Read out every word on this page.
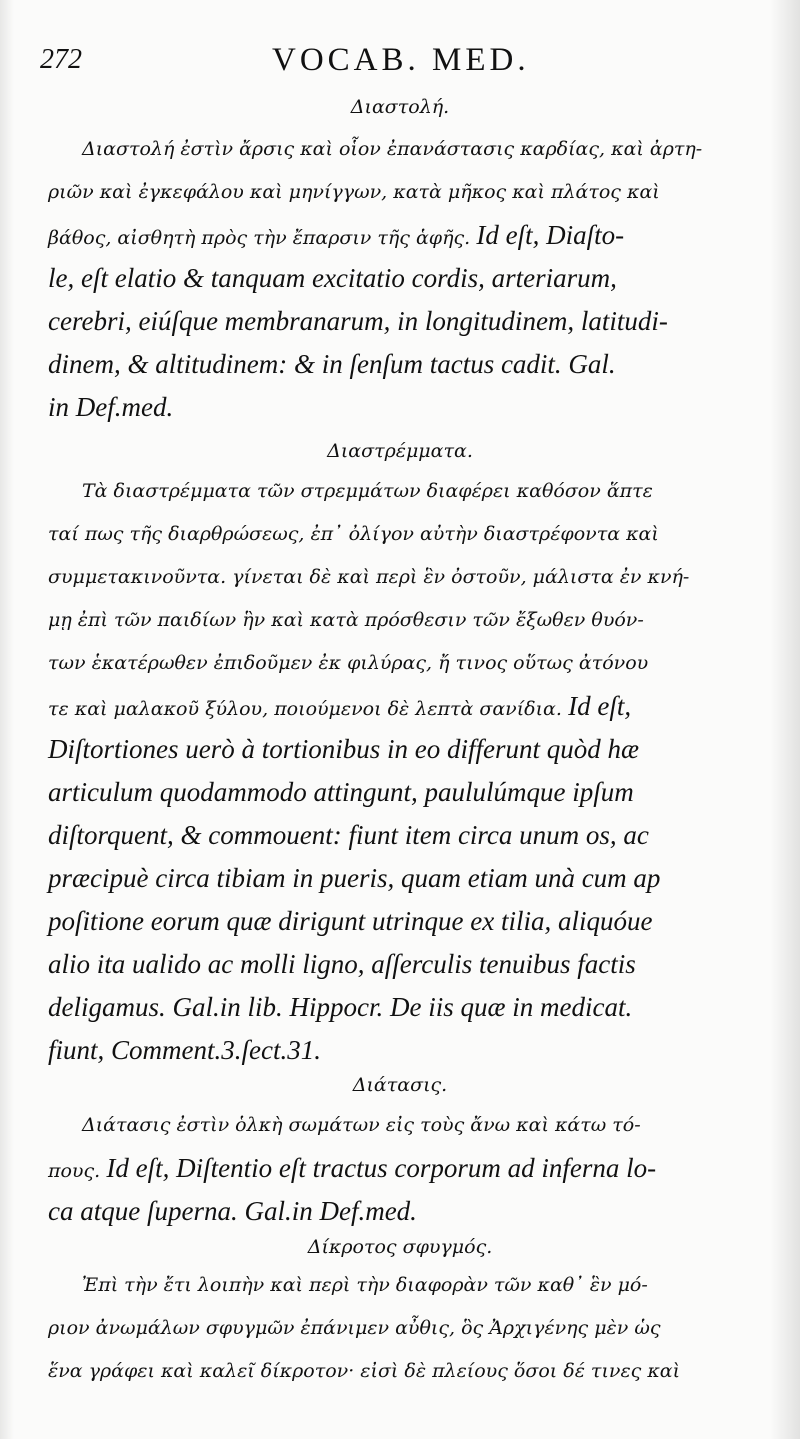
272	VOCAB. MED.
Διαστολή.
Διαστολή ἐστὶν ἄρσις καὶ οἷον ἐπανάστασις καρδίας, καὶ ἀρτη-
ριῶν καὶ ἐγκεφάλου καὶ μηνίγγων, κατὰ μῆκος καὶ πλάτος καὶ
βάθος, αἰσθητὴ πρὸς τὴν ἔπαρσιν τῆς ἁφῆς. Id eſt, Diaſto-
le, eſt elatio & tanquam excitatio cordis, arteriarum,
cerebri, eiúſque membranarum, in longitudinem, latitudi-
dinem, & altitudinem: & in ſenſum tactus cadit. Gal.
in Def.med.
Διαστρέμματα.
Τὰ διαστρέμματα τῶν στρεμμάτων διαφέρει καθόσον ἅπτε
ταί πως τῆς διαρθρώσεως, ἐπ᾽ ὀλίγον αὐτὴν διαστρέφοντα καὶ
συμμετακινοῦντα. γίνεται δὲ καὶ περὶ ἓν ὀστοῦν, μάλιστα ἐν κνή-
μῃ ἐπὶ τῶν παιδίων ἣν καὶ κατὰ πρόσθεσιν τῶν ἔξωθεν θυόν-
των ἑκατέρωθεν ἐπιδοῦμεν ἐκ φιλύρας, ἤ τινος οὕτως ἀτόνου
τε καὶ μαλακοῦ ξύλου, ποιούμενοι δὲ λεπτὰ σανίδια. Id eſt,
Diſtortiones uerò à tortionibus in eo differunt quòd hæ
articulum quodammodo attingunt, paululúmque ipſum
diſtorquent, & commouent: fiunt item circa unum os, ac
præcipuè circa tibiam in pueris, quam etiam unà cum ap
poſitione eorum quæ dirigunt utrinque ex tilia, aliquóue
alio ita ualido ac molli ligno, aſſerculis tenuibus factis
deligamus. Gal.in lib. Hippocr. De iis quæ in medicat.
fiunt, Comment.3.ſect.31.
Διάτασις.
Διάτασις ἐστὶν ὁλκὴ σωμάτων εἰς τοὺς ἄνω καὶ κάτω τό-
πους. Id eſt, Diſtentio eſt tractus corporum ad inferna lo-
ca atque ſuperna. Gal.in Def.med.
Δίκροτος σφυγμός.
Ἐπὶ τὴν ἔτι λοιπὴν καὶ περὶ τὴν διαφορὰν τῶν καθ᾽ ἓν μό-
ριον ἀνωμάλων σφυγμῶν ἐπάνιμεν αὖθις, ὃς Ἀρχιγένης μὲν ὡς
ἕνα γράφει καὶ καλεῖ δίκροτον· εἰσὶ δὲ πλείους ὅσοι δέ τινες καὶ
